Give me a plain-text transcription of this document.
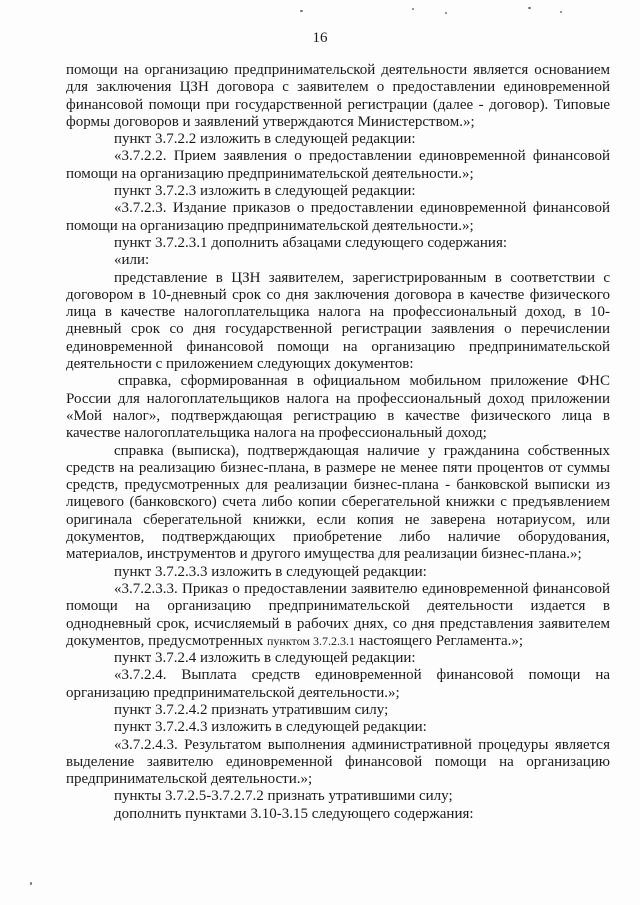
16

помощи на организацию предпринимательской деятельности является основанием
для заключения ЦЗН договора с заявителем о предоставлении единовременной
финансовой помощи при государственной регистрации (далее - договор). Типовые
формы договоров и заявлений утверждаются Министерством.»;

пункт 3.7.2.2 изложить в следующей редакции:

«3.7.2.2. Прием заявления о предоставлении единовременной финансовой

помощи на организацию предпринимательской деятельности.»;

пункт 3.7.2.3 изложить в следующей редакции:

«3.7.2.3. Издание приказов о предоставлении единовременной финансовой

помощи на организацию предпринимательской деятельности.»;

пункт 3.7.2.3.1 дополнить абзацами следующего содержания:

«или:

представление в ЦЗН заявителем, зарегистрированным в соответствии с

договором в 10-дневный срок со дня заключения договора в качестве физического
лица в качестве налогоплательщика налога на профессиональный доход, в 10-
дневный срок со дня государственной регистрации заявления о перечислении
единовременной финансовой помощи на организацию предпринимательской
деятельности с приложением следующих документов:

справка, сформированная в официальном мобильном приложение ФНС

России для налогоплательщиков налога на профессиональный доход приложении
«Мой налог», подтверждающая регистрацию в качестве физического лица в
качестве налогоплательщика налога на профессиональный доход;

справка (выписка), подтверждающая наличие у гражданина собственных

средств на реализацию бизнес-плана, в размере не менее пяти процентов от суммы
средств, предусмотренных для реализации бизнес-плана - банковской выписки из
лицевого (банковского) счета либо копии сберегательной книжки с предъявлением
оригинала сберегательной книжки, если копия не заверена нотариусом, или
документов, подтверждающих приобретение либо наличие оборудования,
материалов, инструментов и другого имущества для реализации бизнес-плана.»;

пункт 3.7.2.3.3 изложить в следующей редакции:

«3.7.2.3.3. Приказ о предоставлении заявителю единовременной финансовой

помощи на организацию предпринимательской деятельности издается в
однодневный срок, исчисляемый в рабочих днях, со дня представления заявителем
документов, предусмотренных пунктом 3.7.2.3.1 настоящего Регламента.»;

пункт 3.7.2.4 изложить в следующей редакции:

«3.7.2.4. Выплата средств единовременной финансовой помощи на

организацию предпринимательской деятельности.»;

пункт 3.7.2.4.2 признать утратившим силу;

пункт 3.7.2.4.3 изложить в следующей редакции:

«3.7.2.4.3. Результатом выполнения административной процедуры является

выделение заявителю единовременной финансовой помощи на организацию
предпринимательской деятельности.»;

пункты 3.7.2.5-3.7.2.7.2 признать утратившими силу;

дополнить пунктами 3.10-3.15 следующего содержания:
